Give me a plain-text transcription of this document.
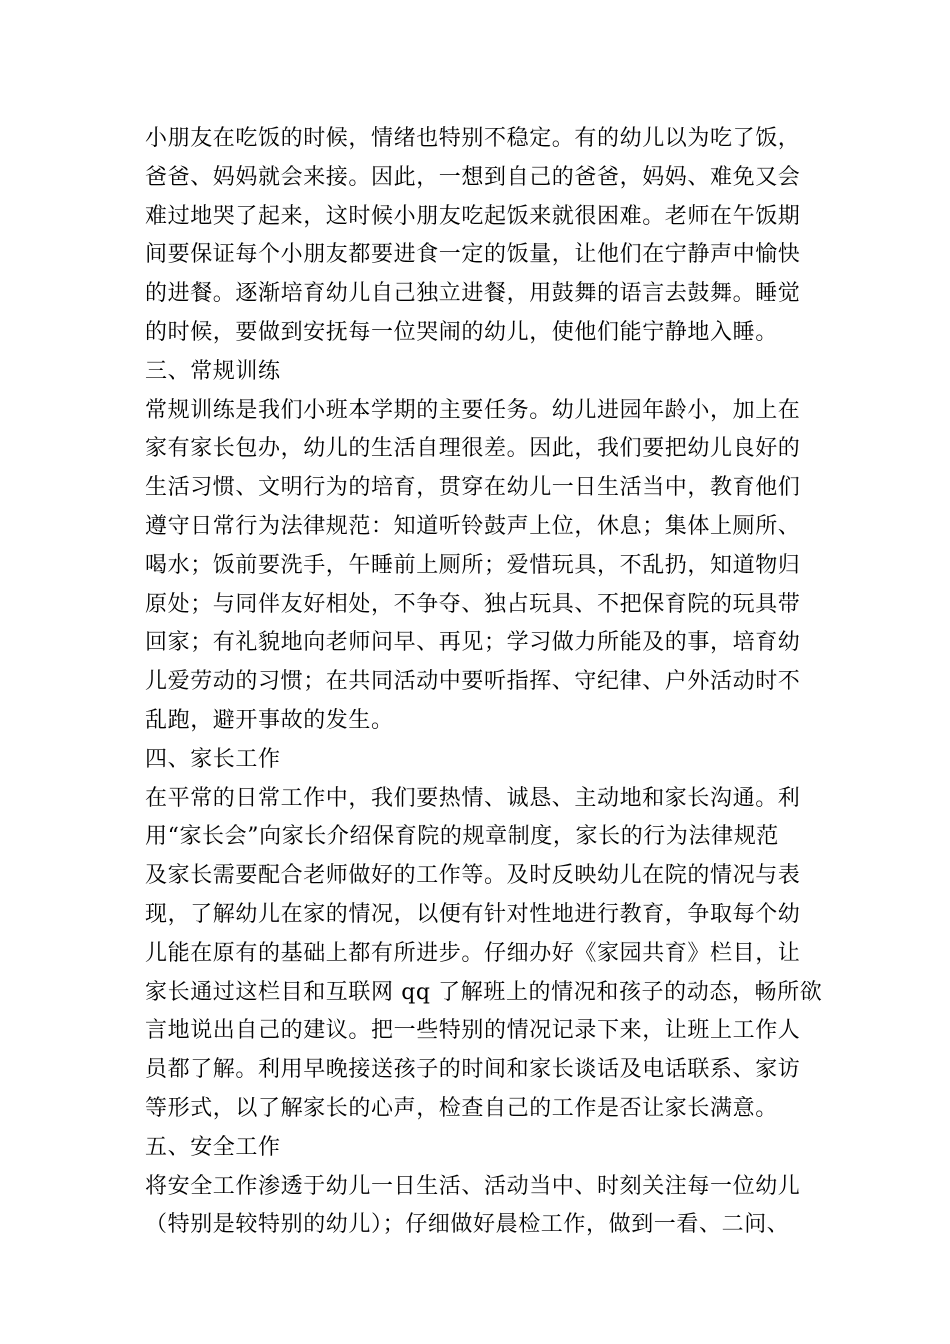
小朋友在吃饭的时候，情绪也特别不稳定。有的幼儿以为吃了饭，
爸爸、妈妈就会来接。因此，一想到自己的爸爸，妈妈、难免又会
难过地哭了起来，这时候小朋友吃起饭来就很困难。老师在午饭期
间要保证每个小朋友都要进食一定的饭量，让他们在宁静声中愉快
的进餐。逐渐培育幼儿自己独立进餐，用鼓舞的语言去鼓舞。睡觉
的时候，要做到安抚每一位哭闹的幼儿，使他们能宁静地入睡。
三、常规训练
常规训练是我们小班本学期的主要任务。幼儿进园年龄小，加上在
家有家长包办，幼儿的生活自理很差。因此，我们要把幼儿良好的
生活习惯、文明行为的培育，贯穿在幼儿一日生活当中，教育他们
遵守日常行为法律规范：知道听铃鼓声上位，休息；集体上厕所、
喝水；饭前要洗手，午睡前上厕所；爱惜玩具，不乱扔，知道物归
原处；与同伴友好相处，不争夺、独占玩具、不把保育院的玩具带
回家；有礼貌地向老师问早、再见；学习做力所能及的事，培育幼
儿爱劳动的习惯；在共同活动中要听指挥、守纪律、户外活动时不
乱跑，避开事故的发生。
四、家长工作
在平常的日常工作中，我们要热情、诚恳、主动地和家长沟通。利
用“家长会”向家长介绍保育院的规章制度，家长的行为法律规范
及家长需要配合老师做好的工作等。及时反映幼儿在院的情况与表
现，了解幼儿在家的情况，以便有针对性地进行教育，争取每个幼
儿能在原有的基础上都有所进步。仔细办好《家园共育》栏目，让
家长通过这栏目和互联网 qq 了解班上的情况和孩子的动态，畅所欲
言地说出自己的建议。把一些特别的情况记录下来，让班上工作人
员都了解。利用早晚接送孩子的时间和家长谈话及电话联系、家访
等形式，以了解家长的心声，检查自己的工作是否让家长满意。
五、安全工作
将安全工作渗透于幼儿一日生活、活动当中、时刻关注每一位幼儿
（特别是较特别的幼儿）；仔细做好晨检工作，做到一看、二问、
